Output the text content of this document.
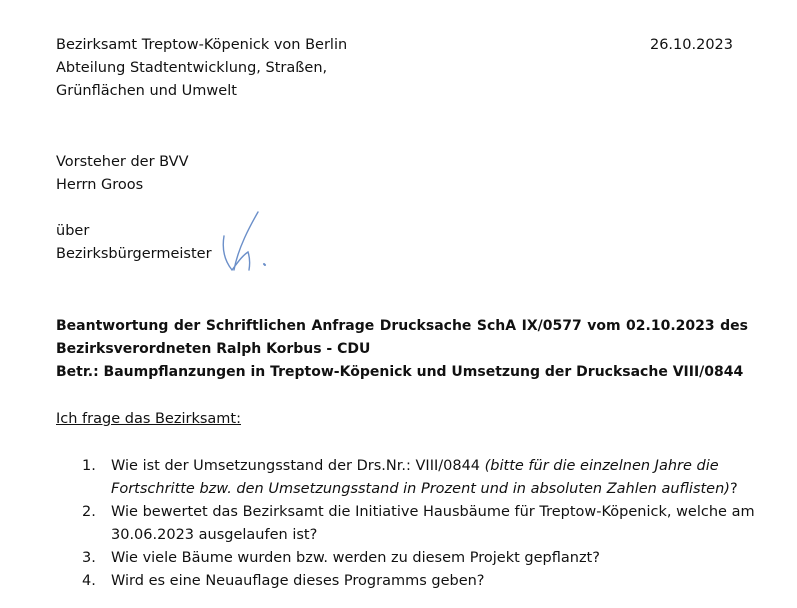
Bezirksamt Treptow-Köpenick von Berlin
Abteilung Stadtentwicklung, Straßen,
Grünflächen und Umwelt
26.10.2023
Vorsteher der BVV
Herrn Groos
über
Bezirksbürgermeister
Beantwortung der Schriftlichen Anfrage Drucksache SchA IX/0577 vom 02.10.2023 des
Bezirksverordneten Ralph Korbus - CDU
Betr.: Baumpflanzungen in Treptow-Köpenick und Umsetzung der Drucksache VIII/0844
Ich frage das Bezirksamt:
1. Wie ist der Umsetzungsstand der Drs.Nr.: VIII/0844 (bitte für die einzelnen Jahre die
Fortschritte bzw. den Umsetzungsstand in Prozent und in absoluten Zahlen auflisten)?
2. Wie bewertet das Bezirksamt die Initiative Hausbäume für Treptow-Köpenick, welche am
30.06.2023 ausgelaufen ist?
3. Wie viele Bäume wurden bzw. werden zu diesem Projekt gepflanzt?
4. Wird es eine Neuauflage dieses Programms geben?
